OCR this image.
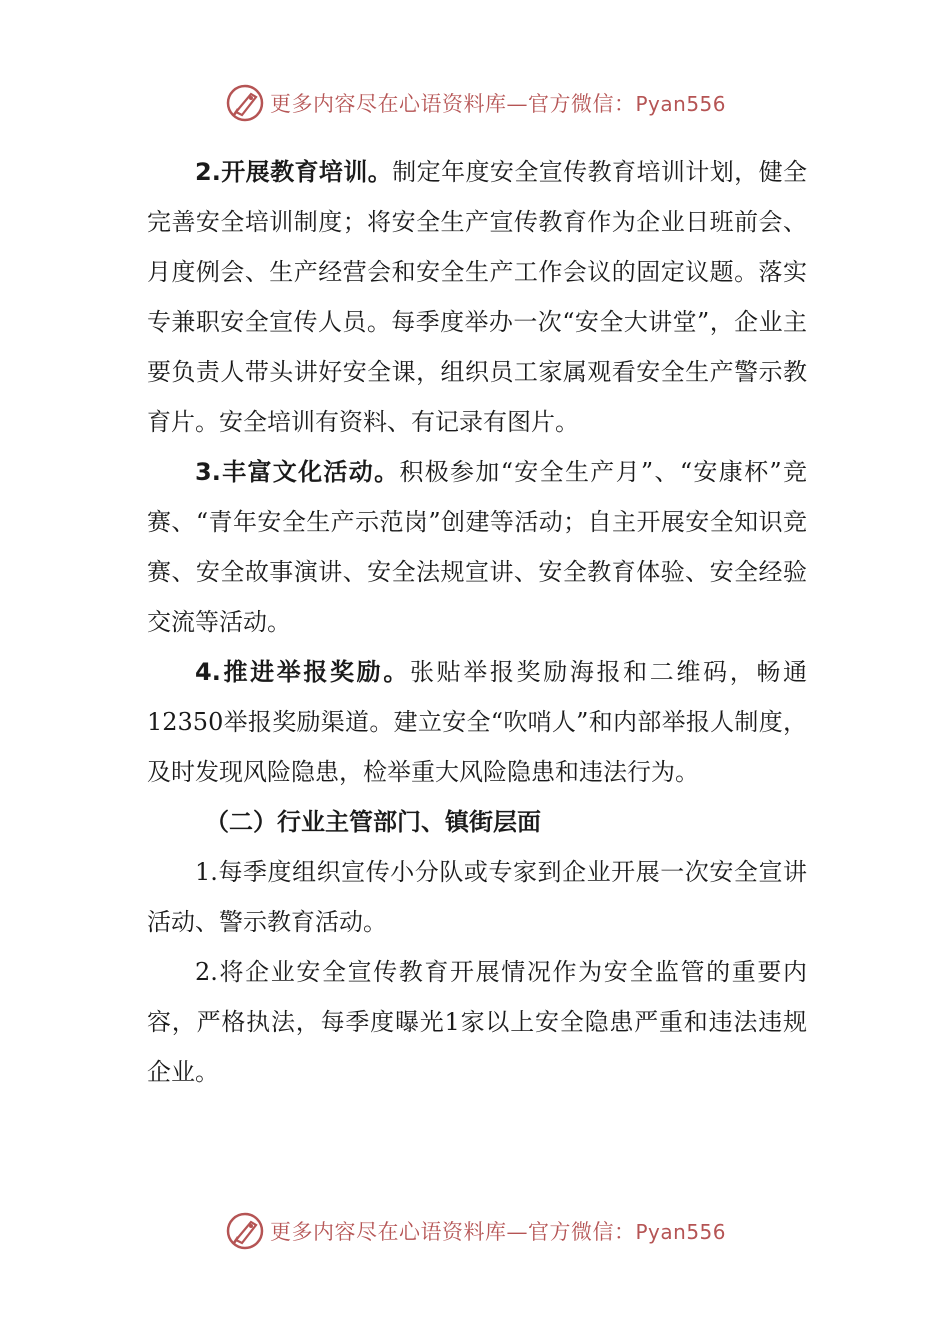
更多内容尽在心语资料库—官方微信：Pyan556

2.开展教育培训。制定年度安全宣传教育培训计划，健全完善安全培训制度；将安全生产宣传教育作为企业日班前会、月度例会、生产经营会和安全生产工作会议的固定议题。落实专兼职安全宣传人员。每季度举办一次“安全大讲堂”，企业主要负责人带头讲好安全课，组织员工家属观看安全生产警示教育片。安全培训有资料、有记录有图片。

3.丰富文化活动。积极参加“安全生产月”、“安康杯”竞赛、“青年安全生产示范岗”创建等活动；自主开展安全知识竞赛、安全故事演讲、安全法规宣讲、安全教育体验、安全经验交流等活动。

4.推进举报奖励。张贴举报奖励海报和二维码，畅通12350举报奖励渠道。建立安全“吹哨人”和内部举报人制度，及时发现风险隐患，检举重大风险隐患和违法行为。

（二）行业主管部门、镇街层面

1.每季度组织宣传小分队或专家到企业开展一次安全宣讲活动、警示教育活动。

2.将企业安全宣传教育开展情况作为安全监管的重要内容，严格执法，每季度曝光1家以上安全隐患严重和违法违规企业。

更多内容尽在心语资料库—官方微信：Pyan556
